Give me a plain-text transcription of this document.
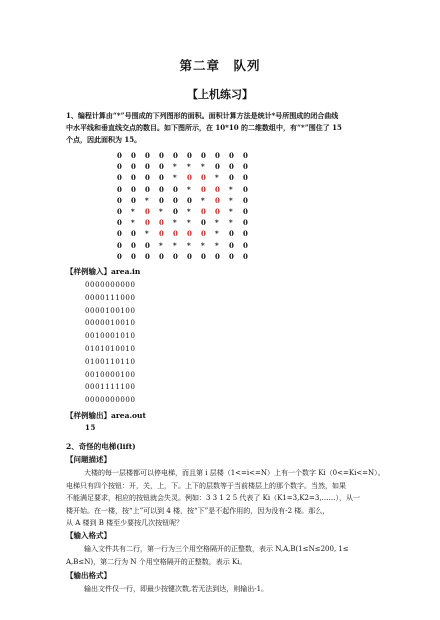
第二章　队列
【上机练习】
1、编程计算由“*”号围成的下列图形的面积。面积计算方法是统计*号所围成的闭合曲线
中水平线和垂直线交点的数目。如下图所示，在 10*10 的二维数组中，有“*”围住了 15
个点，因此面积为 15。
0 0 0 0 0 0 0 0 0 0
0 0 0 0 * * * 0 0 0
0 0 0 0 * 0 0 * 0 0
0 0 0 0 0 * 0 0 * 0
0 0 * 0 0 0 * 0 * 0
0 * 0 * 0 * 0 0 * 0
0 * 0 0 * * 0 * * 0
0 0 * 0 0 0 0 * 0 0
0 0 0 * * * * * 0 0
0 0 0 0 0 0 0 0 0 0
【样例输入】area.in
0000000000
0000111000
0000100100
0000010010
0010001010
0101010010
0100110110
0010000100
0001111100
0000000000
【样例输出】area.out
15
2、奇怪的电梯(lift)
【问题描述】
大楼的每一层楼都可以停电梯，而且第 i 层楼（1<=i<=N）上有一个数字 Ki（0<=Ki<=N）。
电梯只有四个按钮：开，关，上，下。上下的层数等于当前楼层上的那个数字。当然，如果
不能满足要求，相应的按钮就会失灵。例如：3 3 1 2 5 代表了 Ki（K1=3,K2=3,……），从一
楼开始。在一楼，按“上”可以到 4 楼，按“下”是不起作用的，因为没有-2 楼。那么，
从 A 楼到 B 楼至少要按几次按钮呢？
【输入格式】
输入文件共有二行，第一行为三个用空格隔开的正整数，表示 N,A,B(1≤N≤200, 1≤
A,B≤N)，第二行为 N 个用空格隔开的正整数，表示 Ki。
【输出格式】
输出文件仅一行，即最少按键次数,若无法到达，则输出-1。
